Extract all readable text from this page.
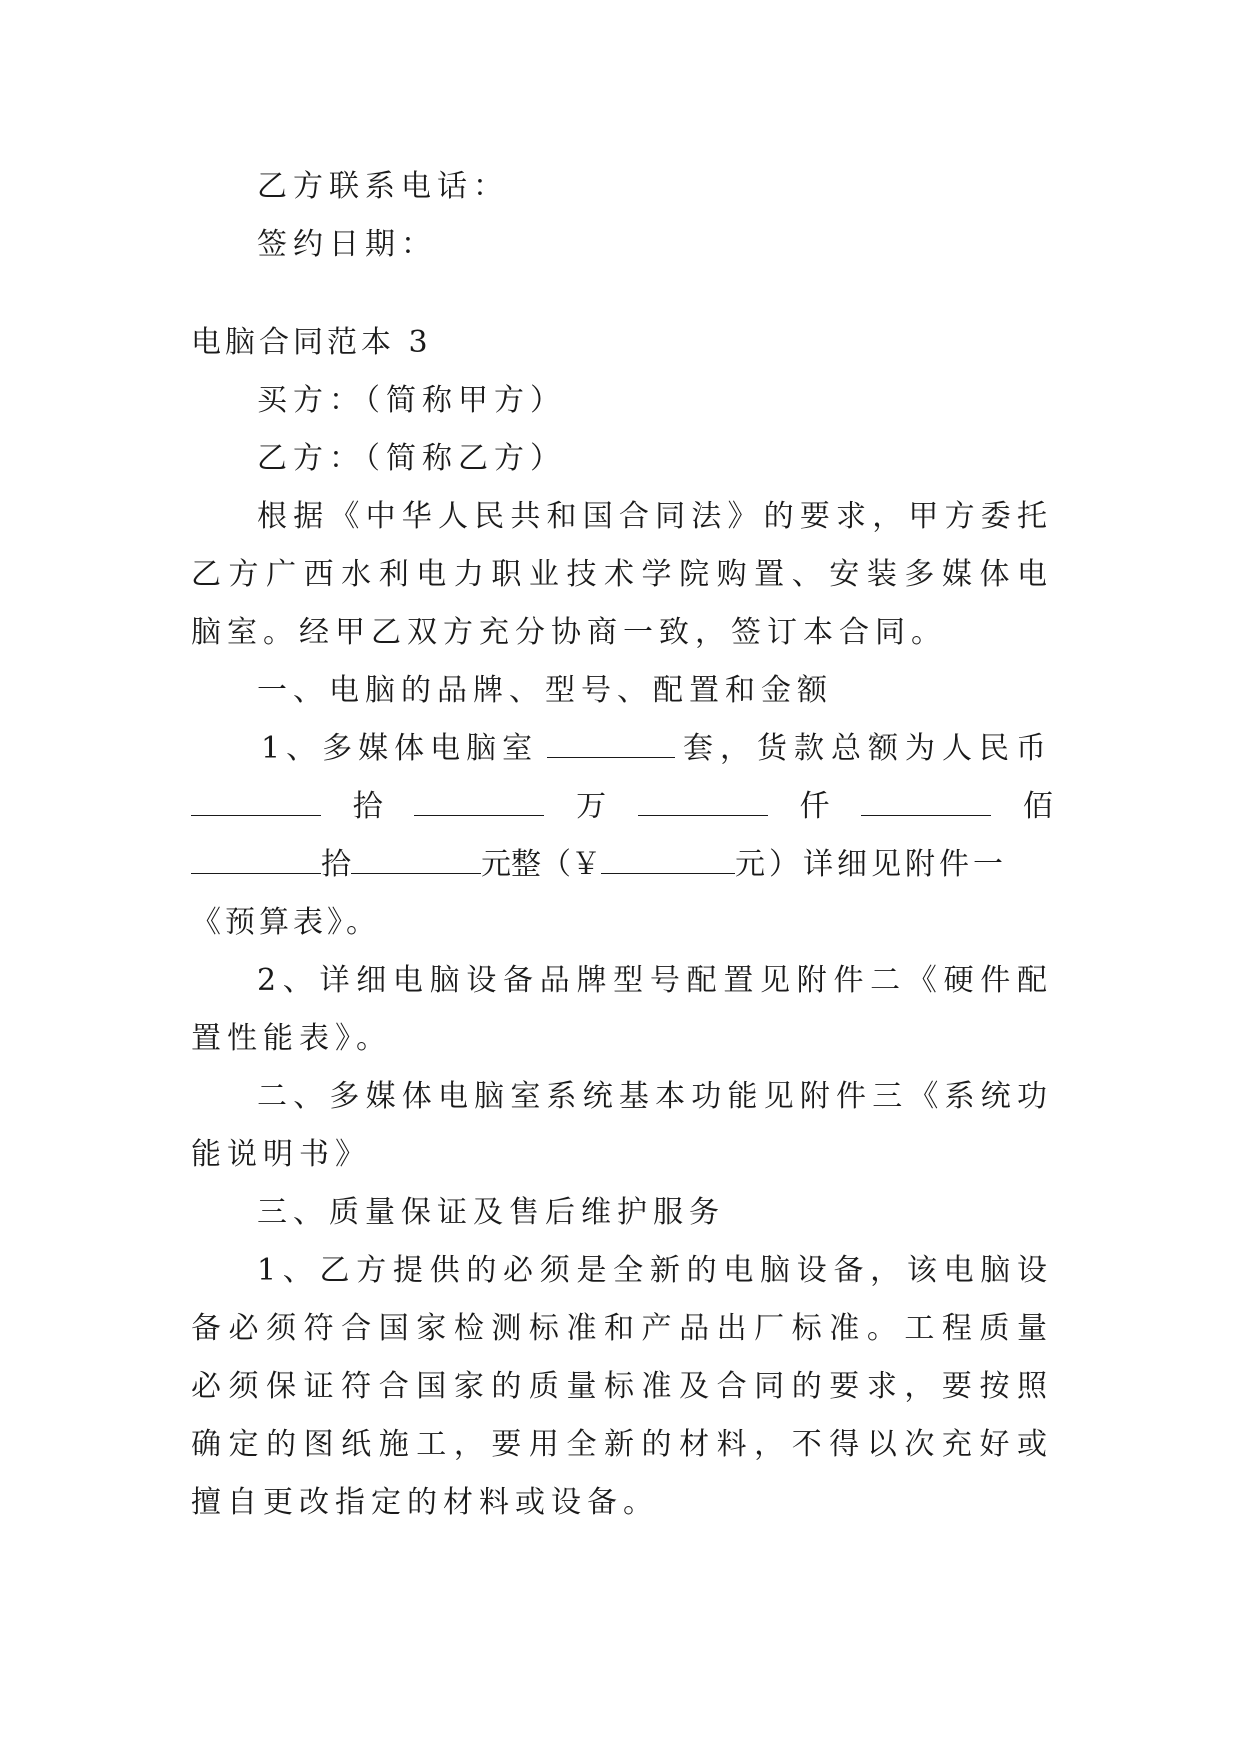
乙方联系电话：
签约日期：
电脑合同范本 3
买方：（简称甲方）
乙方：（简称乙方）
根据《中华人民共和国合同法》的要求，甲方委托乙方广西水利电力职业技术学院购置、安装多媒体电脑室。经甲乙双方充分协商一致，签订本合同。
一、电脑的品牌、型号、配置和金额
1、多媒体电脑室	套，货款总额为人民币
拾	万	仟	佰
拾	元整（￥	元）详细见附件一
《预算表》。
2、详细电脑设备品牌型号配置见附件二《硬件配置性能表》。
二、多媒体电脑室系统基本功能见附件三《系统功能说明书》
三、质量保证及售后维护服务
1、乙方提供的必须是全新的电脑设备，该电脑设备必须符合国家检测标准和产品出厂标准。工程质量必须保证符合国家的质量标准及合同的要求，要按照确定的图纸施工，要用全新的材料，不得以次充好或擅自更改指定的材料或设备。
